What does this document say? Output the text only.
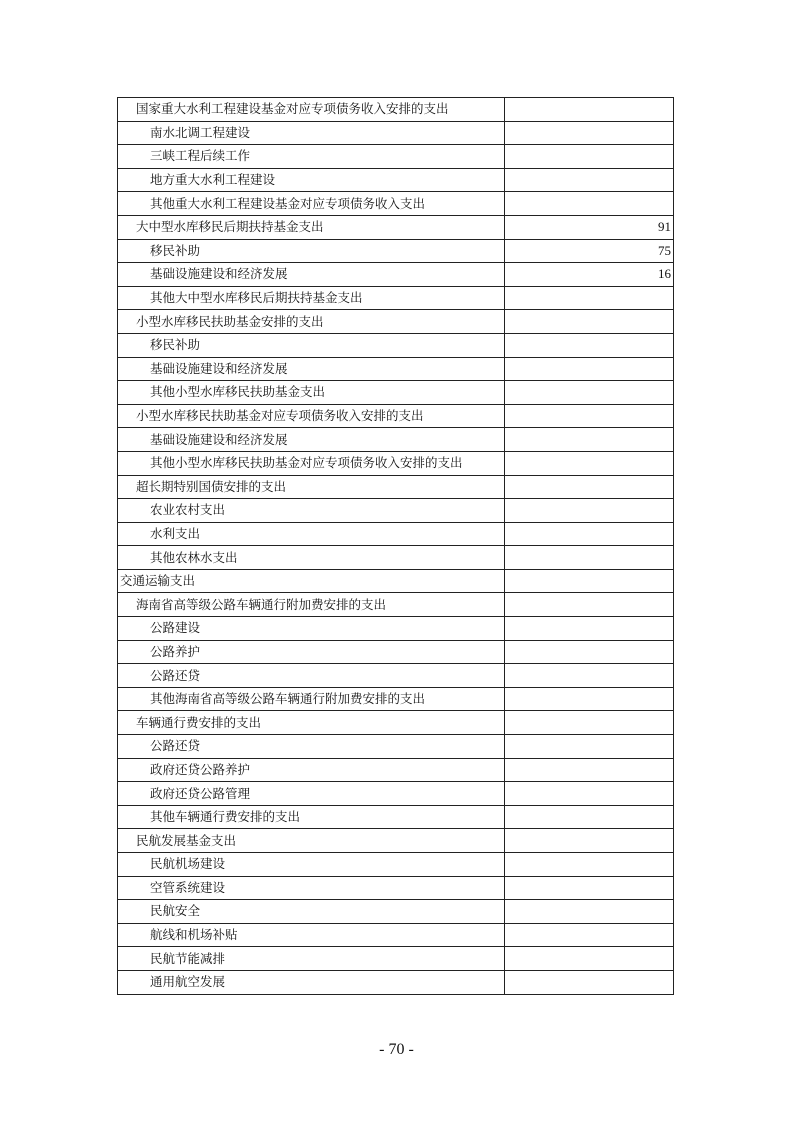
国家重大水利工程建设基金对应专项债务收入安排的支出	
南水北调工程建设	
三峡工程后续工作	
地方重大水利工程建设	
其他重大水利工程建设基金对应专项债务收入支出	
大中型水库移民后期扶持基金支出	91
移民补助	75
基础设施建设和经济发展	16
其他大中型水库移民后期扶持基金支出	
小型水库移民扶助基金安排的支出	
移民补助	
基础设施建设和经济发展	
其他小型水库移民扶助基金支出	
小型水库移民扶助基金对应专项债务收入安排的支出	
基础设施建设和经济发展	
其他小型水库移民扶助基金对应专项债务收入安排的支出	
超长期特别国债安排的支出	
农业农村支出	
水利支出	
其他农林水支出	
交通运输支出	
海南省高等级公路车辆通行附加费安排的支出	
公路建设	
公路养护	
公路还贷	
其他海南省高等级公路车辆通行附加费安排的支出	
车辆通行费安排的支出	
公路还贷	
政府还贷公路养护	
政府还贷公路管理	
其他车辆通行费安排的支出	
民航发展基金支出	
民航机场建设	
空管系统建设	
民航安全	
航线和机场补贴	
民航节能减排	
通用航空发展	
- 70 -
